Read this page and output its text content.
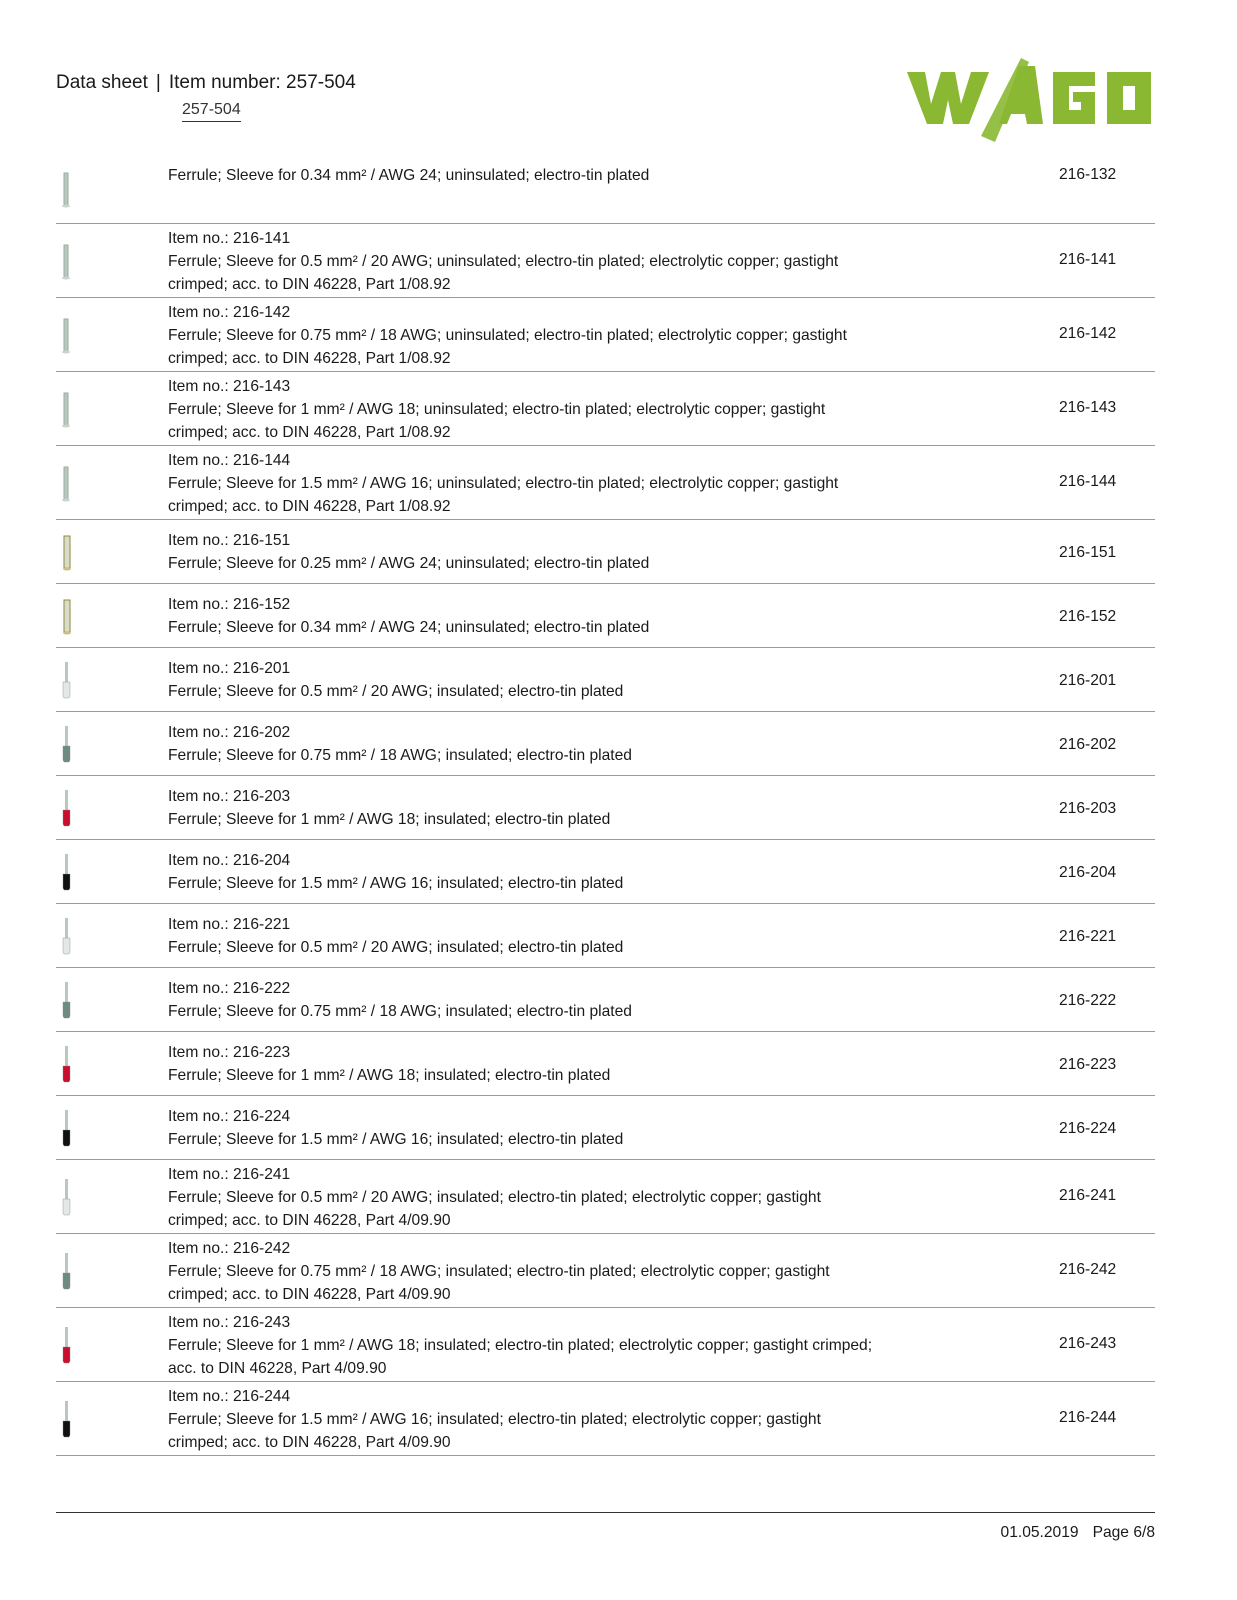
Data sheet | Item number: 257-504
257-504
Ferrule; Sleeve for 0.34 mm² / AWG 24; uninsulated; electro-tin plated	216-132
Item no.: 216-141
Ferrule; Sleeve for 0.5 mm² / 20 AWG; uninsulated; electro-tin plated; electrolytic copper; gastight
crimped; acc. to DIN 46228, Part 1/08.92
216-141
Item no.: 216-142
Ferrule; Sleeve for 0.75 mm² / 18 AWG; uninsulated; electro-tin plated; electrolytic copper; gastight
crimped; acc. to DIN 46228, Part 1/08.92
216-142
Item no.: 216-143
Ferrule; Sleeve for 1 mm² / AWG 18; uninsulated; electro-tin plated; electrolytic copper; gastight
crimped; acc. to DIN 46228, Part 1/08.92
216-143
Item no.: 216-144
Ferrule; Sleeve for 1.5 mm² / AWG 16; uninsulated; electro-tin plated; electrolytic copper; gastight
crimped; acc. to DIN 46228, Part 1/08.92
216-144
Item no.: 216-151
Ferrule; Sleeve for 0.25 mm² / AWG 24; uninsulated; electro-tin plated
216-151
Item no.: 216-152
Ferrule; Sleeve for 0.34 mm² / AWG 24; uninsulated; electro-tin plated
216-152
Item no.: 216-201
Ferrule; Sleeve for 0.5 mm² / 20 AWG; insulated; electro-tin plated
216-201
Item no.: 216-202
Ferrule; Sleeve for 0.75 mm² / 18 AWG; insulated; electro-tin plated
216-202
Item no.: 216-203
Ferrule; Sleeve for 1 mm² / AWG 18; insulated; electro-tin plated
216-203
Item no.: 216-204
Ferrule; Sleeve for 1.5 mm² / AWG 16; insulated; electro-tin plated
216-204
Item no.: 216-221
Ferrule; Sleeve for 0.5 mm² / 20 AWG; insulated; electro-tin plated
216-221
Item no.: 216-222
Ferrule; Sleeve for 0.75 mm² / 18 AWG; insulated; electro-tin plated
216-222
Item no.: 216-223
Ferrule; Sleeve for 1 mm² / AWG 18; insulated; electro-tin plated
216-223
Item no.: 216-224
Ferrule; Sleeve for 1.5 mm² / AWG 16; insulated; electro-tin plated
216-224
Item no.: 216-241
Ferrule; Sleeve for 0.5 mm² / 20 AWG; insulated; electro-tin plated; electrolytic copper; gastight
crimped; acc. to DIN 46228, Part 4/09.90
216-241
Item no.: 216-242
Ferrule; Sleeve for 0.75 mm² / 18 AWG; insulated; electro-tin plated; electrolytic copper; gastight
crimped; acc. to DIN 46228, Part 4/09.90
216-242
Item no.: 216-243
Ferrule; Sleeve for 1 mm² / AWG 18; insulated; electro-tin plated; electrolytic copper; gastight crimped;
acc. to DIN 46228, Part 4/09.90
216-243
Item no.: 216-244
Ferrule; Sleeve for 1.5 mm² / AWG 16; insulated; electro-tin plated; electrolytic copper; gastight
crimped; acc. to DIN 46228, Part 4/09.90
216-244
01.05.2019 Page 6/8
